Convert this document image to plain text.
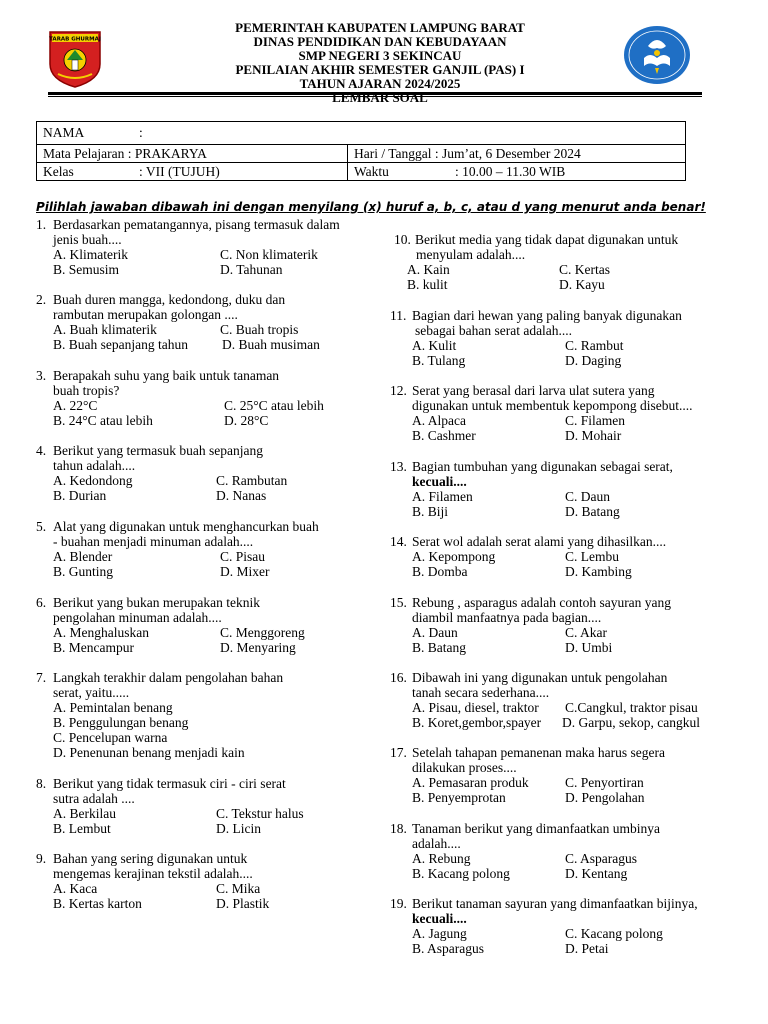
TARAB GHURMAJ
PEMERINTAH KABUPATEN LAMPUNG BARAT
DINAS PENDIDIKAN DAN KEBUDAYAAN
SMP NEGERI 3 SEKINCAU
PENILAIAN AKHIR SEMESTER GANJIL (PAS) I
TAHUN AJARAN 2024/2025
LEMBAR SOAL
NAMA :	
Mata Pelajaran : PRAKARYA	Hari / Tanggal : Jum’at, 6 Desember 2024
Kelas : VII (TUJUH)	Waktu : 10.00 – 11.30 WIB
Pilihlah jawaban dibawah ini dengan menyilang (x) huruf a, b, c, atau d yang menurut anda benar!
1. Berdasarkan pematangannya, pisang termasuk dalam
jenis buah....
A. Klimaterik	C. Non klimaterik
B. Semusim	D. Tahunan
2. Buah duren mangga, kedondong, duku dan
rambutan merupakan golongan ....
A. Buah klimaterik	C. Buah tropis
B. Buah sepanjang tahun	D. Buah musiman
3. Berapakah suhu yang baik untuk tanaman
buah tropis?
A. 22°C	C. 25°C atau lebih
B. 24°C atau lebih	D. 28°C
4. Berikut yang termasuk buah sepanjang
tahun adalah....
A. Kedondong	C. Rambutan
B. Durian	D. Nanas
5. Alat yang digunakan untuk menghancurkan buah
- buahan menjadi minuman adalah....
A. Blender	C. Pisau
B. Gunting	D. Mixer
6. Berikut yang bukan merupakan teknik
pengolahan minuman adalah....
A. Menghaluskan	C. Menggoreng
B. Mencampur	D. Menyaring
7. Langkah terakhir dalam pengolahan bahan
serat, yaitu.....
A. Pemintalan benang
B. Penggulungan benang
C. Pencelupan warna
D. Penenunan benang menjadi kain
8. Berikut yang tidak termasuk ciri - ciri serat
sutra adalah ....
A. Berkilau	C. Tekstur halus
B. Lembut	D. Licin
9. Bahan yang sering digunakan untuk
mengemas kerajinan tekstil adalah....
A. Kaca	C. Mika
B. Kertas karton	D. Plastik
10. Berikut media yang tidak dapat digunakan untuk
menyulam adalah....
A. Kain	C. Kertas
B. kulit	D. Kayu
11. Bagian dari hewan yang paling banyak digunakan
sebagai bahan serat adalah....
A. Kulit	C. Rambut
B. Tulang	D. Daging
12. Serat yang berasal dari larva ulat sutera yang
digunakan untuk membentuk kepompong disebut....
A. Alpaca	C. Filamen
B. Cashmer	D. Mohair
13. Bagian tumbuhan yang digunakan sebagai serat,
kecuali....
A. Filamen	C. Daun
B. Biji	D. Batang
14. Serat wol adalah serat alami yang dihasilkan....
A. Kepompong	C. Lembu
B. Domba	D. Kambing
15. Rebung , asparagus adalah contoh sayuran yang
diambil manfaatnya pada bagian....
A. Daun	C. Akar
B. Batang	D. Umbi
16. Dibawah ini yang digunakan untuk pengolahan
tanah secara sederhana....
A. Pisau, diesel, traktor C.Cangkul, traktor pisau
B. Koret,gembor,spayer D. Garpu, sekop, cangkul
17. Setelah tahapan pemanenan maka harus segera
dilakukan proses....
A. Pemasaran produk	C. Penyortiran
B. Penyemprotan	D. Pengolahan
18. Tanaman berikut yang dimanfaatkan umbinya
adalah....
A. Rebung	C. Asparagus
B. Kacang polong	D. Kentang
19. Berikut tanaman sayuran yang dimanfaatkan bijinya,
kecuali....
A. Jagung	C. Kacang polong
B. Asparagus	D. Petai
